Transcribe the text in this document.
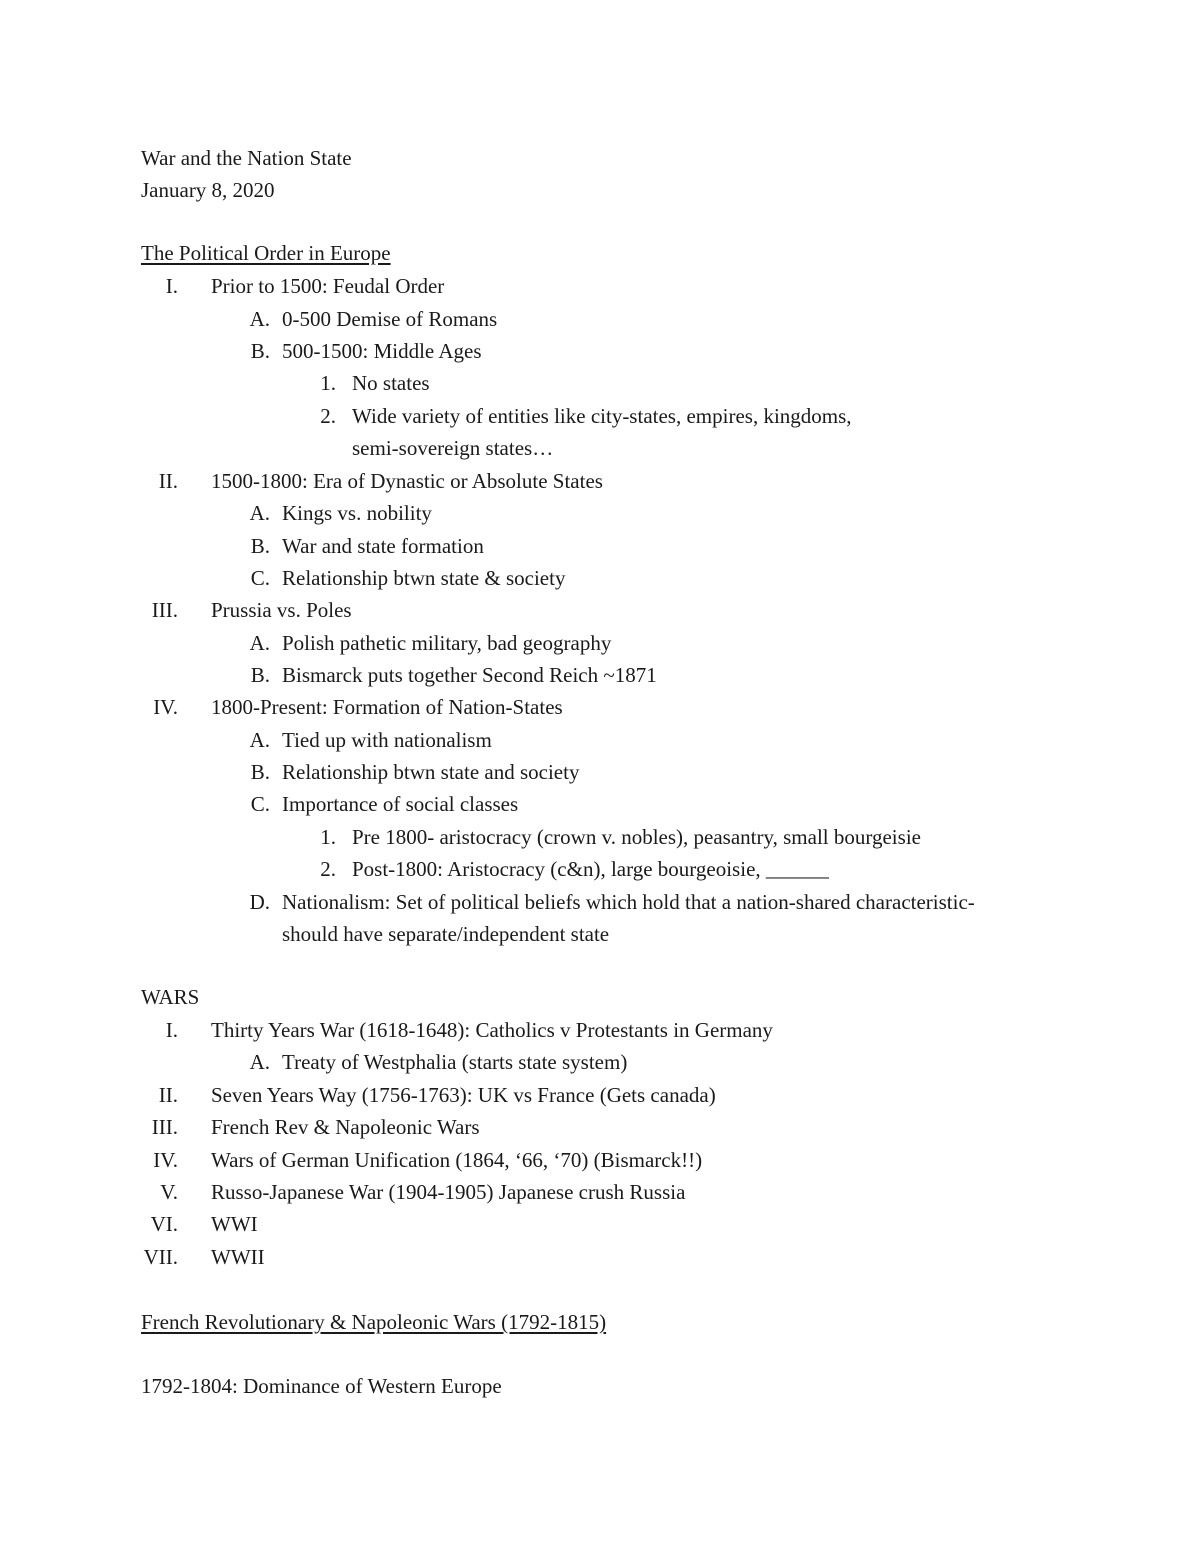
War and the Nation State
January 8, 2020
The Political Order in Europe
I. Prior to 1500: Feudal Order
A. 0-500 Demise of Romans
B. 500-1500: Middle Ages
1. No states
2. Wide variety of entities like city-states, empires, kingdoms,
semi-sovereign states…
II. 1500-1800: Era of Dynastic or Absolute States
A. Kings vs. nobility
B. War and state formation
C. Relationship btwn state & society
III. Prussia vs. Poles
A. Polish pathetic military, bad geography
B. Bismarck puts together Second Reich ~1871
IV. 1800-Present: Formation of Nation-States
A. Tied up with nationalism
B. Relationship btwn state and society
C. Importance of social classes
1. Pre 1800- aristocracy (crown v. nobles), peasantry, small bourgeisie
2. Post-1800: Aristocracy (c&n), large bourgeoisie, ______
D. Nationalism: Set of political beliefs which hold that a nation-shared characteristic-
should have separate/independent state
WARS
I. Thirty Years War (1618-1648): Catholics v Protestants in Germany
A. Treaty of Westphalia (starts state system)
II. Seven Years Way (1756-1763): UK vs France (Gets canada)
III. French Rev & Napoleonic Wars
IV. Wars of German Unification (1864, ‘66, ‘70) (Bismarck!!)
V. Russo-Japanese War (1904-1905) Japanese crush Russia
VI. WWI
VII. WWII
French Revolutionary & Napoleonic Wars (1792-1815)
1792-1804: Dominance of Western Europe
